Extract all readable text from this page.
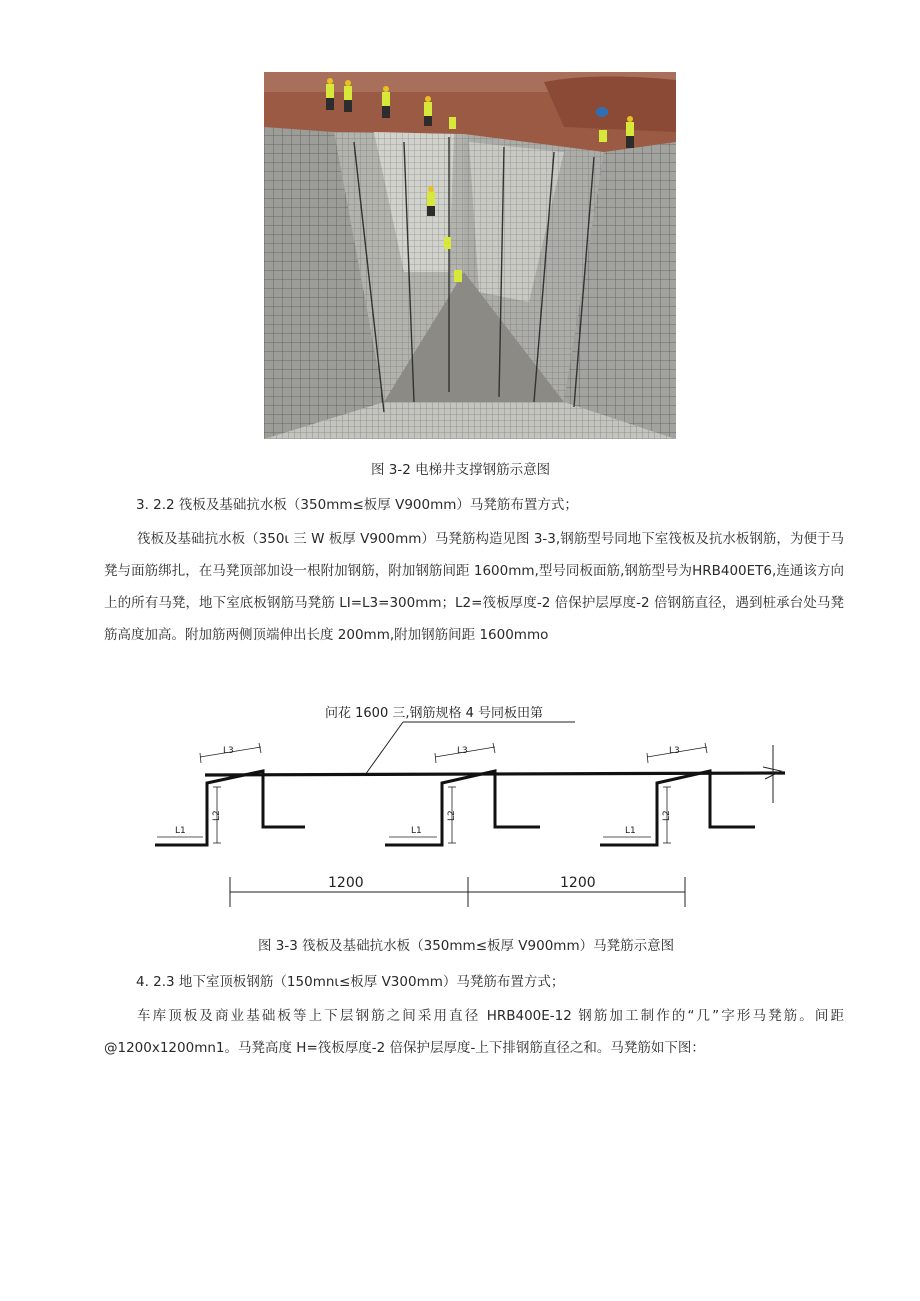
图 3-2 电梯井支撑钢筋示意图
3. 2.2 筏板及基础抗水板（350mm≤板厚 V900mm）马凳筋布置方式；
筏板及基础抗水板（350ι 三 W 板厚 V900mm）马凳筋构造见图 3-3,钢筋型号同地下室筏板及抗水板钢筋，为便于马凳与面筋绑扎，在马凳顶部加设一根附加钢筋，附加钢筋间距 1600mm,型号同板面筋,钢筋型号为HRB400ET6,连通该方向上的所有马凳，地下室底板钢筋马凳筋 LI=L3=300mm；L2=筏板厚度-2 倍保护层厚度-2 倍钢筋直径，遇到桩承台处马凳筋高度加高。附加筋两侧顶端伸出长度 200mm,附加钢筋间距 1600mmo
问花 1600 三,钢筋规格 4 号同板田第
L3
L2
L1
L3
L2
L1
L3
L2
L1
1200	1200
图 3-3 筏板及基础抗水板（350mm≤板厚 V900mm）马凳筋示意图
4. 2.3 地下室顶板钢筋（150mnι≤板厚 V300mm）马凳筋布置方式；
车库顶板及商业基础板等上下层钢筋之间采用直径 HRB400E-12 钢筋加工制作的“几”字形马凳筋。间距@1200x1200mn1。马凳高度 H=筏板厚度-2 倍保护层厚度-上下排钢筋直径之和。马凳筋如下图：
